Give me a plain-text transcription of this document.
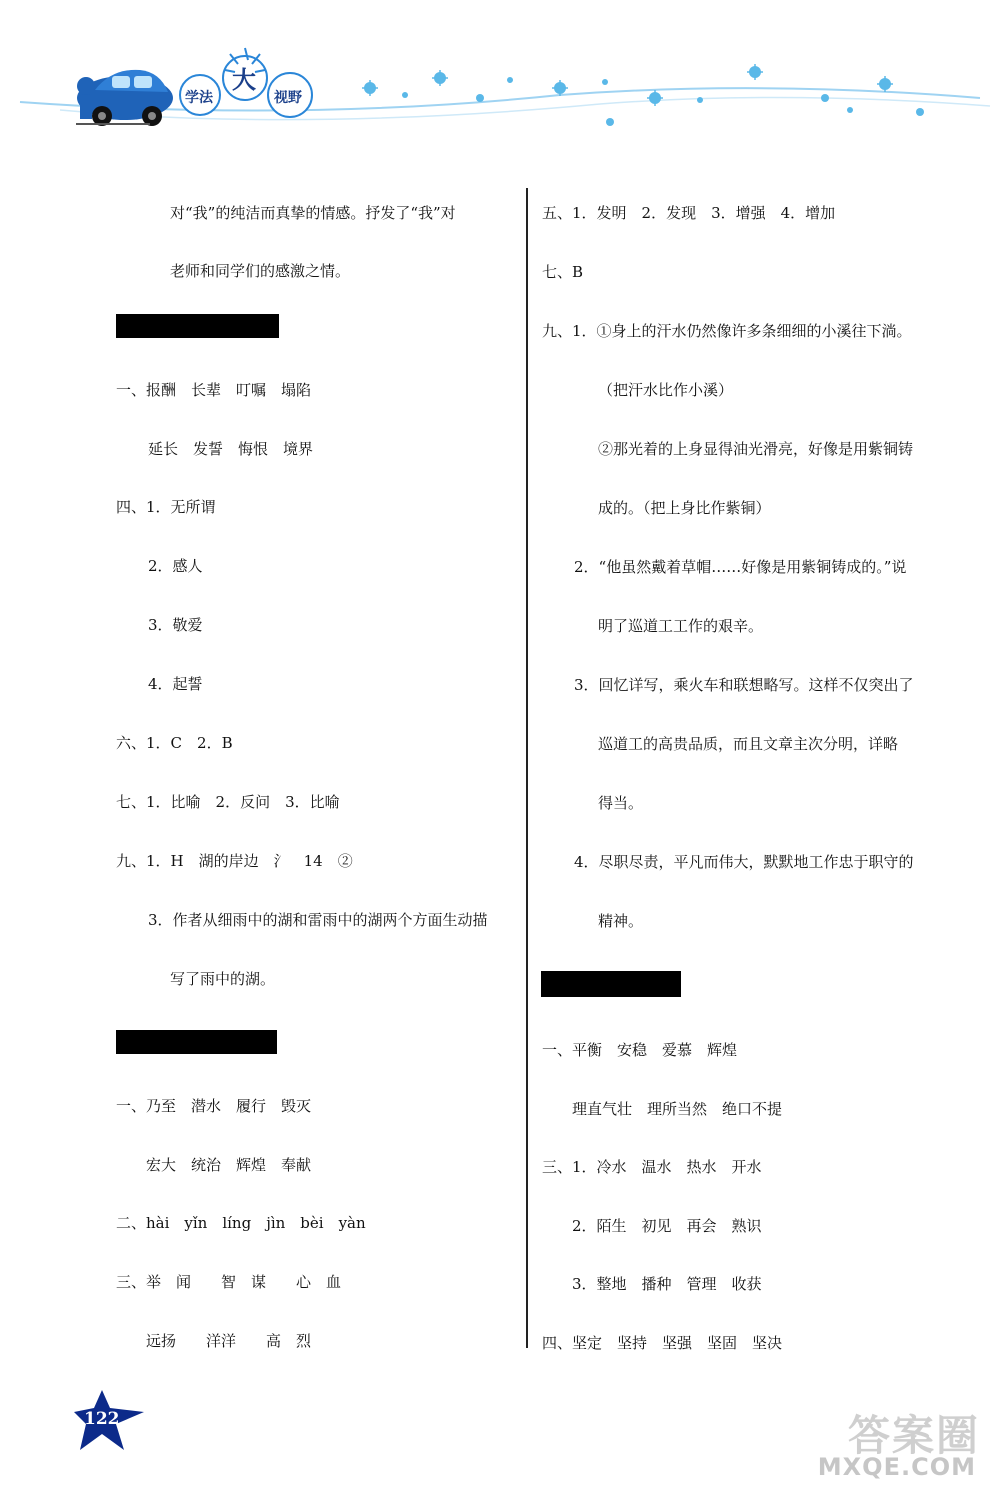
学法
大
视野
对“我”的纯洁而真挚的情感。抒发了“我”对
老师和同学们的感激之情。
一、报酬　长辈　叮嘱　塌陷
延长　发誓　悔恨　境界
四、1．无所谓
2．感人
3．敬爱
4．起誓
六、1．C　2．B
七、1．比喻　2．反问　3．比喻
九、1．H　湖的岸边　氵　14　②
3．作者从细雨中的湖和雷雨中的湖两个方面生动描
写了雨中的湖。
一、乃至　潜水　履行　毁灭
宏大　统治　辉煌　奉献
二、hài　yǐn　líng　jìn　bèi　yàn
三、举　闻　　智　谋　　心　血
远扬　　洋洋　　高　烈
五、1．发明　2．发现　3．增强　4．增加
七、B
九、1．①身上的汗水仍然像许多条细细的小溪往下淌。
（把汗水比作小溪）
②那光着的上身显得油光滑亮，好像是用紫铜铸
成的。（把上身比作紫铜）
2．“他虽然戴着草帽……好像是用紫铜铸成的。”说
明了巡道工工作的艰辛。
3．回忆详写，乘火车和联想略写。这样不仅突出了
巡道工的高贵品质，而且文章主次分明，详略
得当。
4．尽职尽责，平凡而伟大，默默地工作忠于职守的
精神。
一、平衡　安稳　爱慕　辉煌
理直气壮　理所当然　绝口不提
三、1．冷水　温水　热水　开水
2．陌生　初见　再会　熟识
3．整地　播种　管理　收获
四、坚定　坚持　坚强　坚固　坚决
122	答案圈
MXQE.COM
